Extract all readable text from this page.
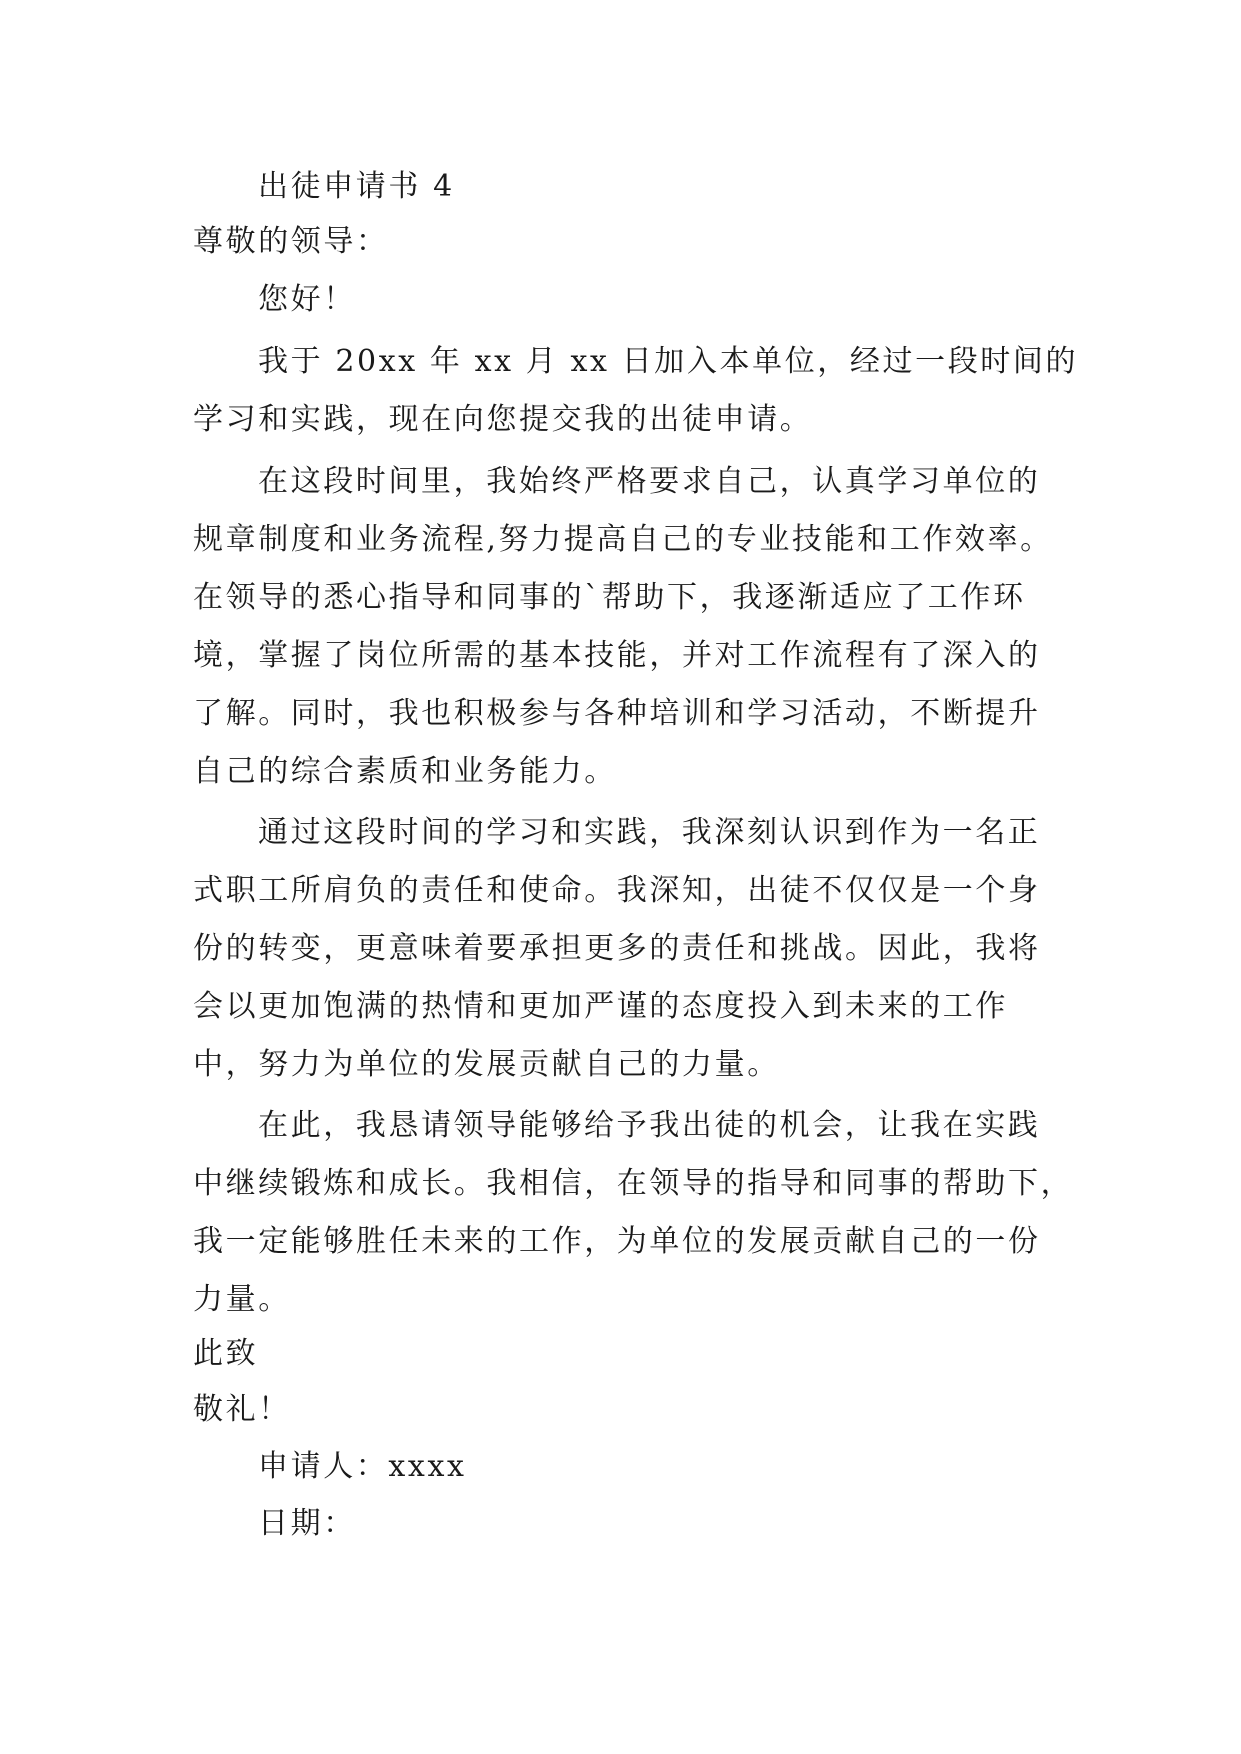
出徒申请书 4
尊敬的领导：
您好！
我于 20xx 年 xx 月 xx 日加入本单位，经过一段时间的
学习和实践，现在向您提交我的出徒申请。
在这段时间里，我始终严格要求自己，认真学习单位的
规章制度和业务流程,努力提高自己的专业技能和工作效率。
在领导的悉心指导和同事的`帮助下，我逐渐适应了工作环
境，掌握了岗位所需的基本技能，并对工作流程有了深入的
了解。同时，我也积极参与各种培训和学习活动，不断提升
自己的综合素质和业务能力。
通过这段时间的学习和实践，我深刻认识到作为一名正
式职工所肩负的责任和使命。我深知，出徒不仅仅是一个身
份的转变，更意味着要承担更多的责任和挑战。因此，我将
会以更加饱满的热情和更加严谨的态度投入到未来的工作
中，努力为单位的发展贡献自己的力量。
在此，我恳请领导能够给予我出徒的机会，让我在实践
中继续锻炼和成长。我相信，在领导的指导和同事的帮助下，
我一定能够胜任未来的工作，为单位的发展贡献自己的一份
力量。
此致
敬礼！
申请人：xxxx
日期：
